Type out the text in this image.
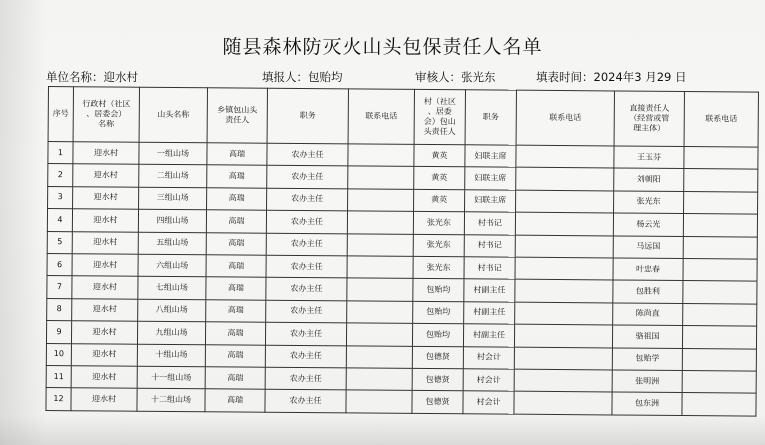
随县森林防灭火山头包保责任人名单
单位名称：迎水村	填报人：包贻均	审核人：张光东	填表时间：2024年3 月29 日
序号	行政村（社区
、居委会）
名称	山头名称	乡镇包山头
责任人	职务	联系电话	村（社区
、居委
会）包山
头责任人	职务	联系电话	直接责任人
（经营或管
理主体）	联系电话
1	迎水村	一组山场	高瑞	农办主任		黄英	妇联主席		王玉芬	
2	迎水村	二组山场	高瑞	农办主任		黄英	妇联主席		刘朝阳	
3	迎水村	三组山场	高瑞	农办主任		黄英	妇联主席		张光东	
4	迎水村	四组山场	高瑞	农办主任		张光东	村书记		杨云光	
5	迎水村	五组山场	高瑞	农办主任		张光东	村书记		马远国	
6	迎水村	六组山场	高瑞	农办主任		张光东	村书记		叶忠春	
7	迎水村	七组山场	高瑞	农办主任		包贻均	村副主任		包胜利	
8	迎水村	八组山场	高瑞	农办主任		包贻均	村副主任		陈尚直	
9	迎水村	九组山场	高瑞	农办主任		包贻均	村副主任		骆祖国	
10	迎水村	十组山场	高瑞	农办主任		包德贤	村会计		包贻学	
11	迎水村	十一组山场	高瑞	农办主任		包德贤	村会计		张明洲	
12	迎水村	十二组山场	高瑞	农办主任		包德贤	村会计		包东洲	
